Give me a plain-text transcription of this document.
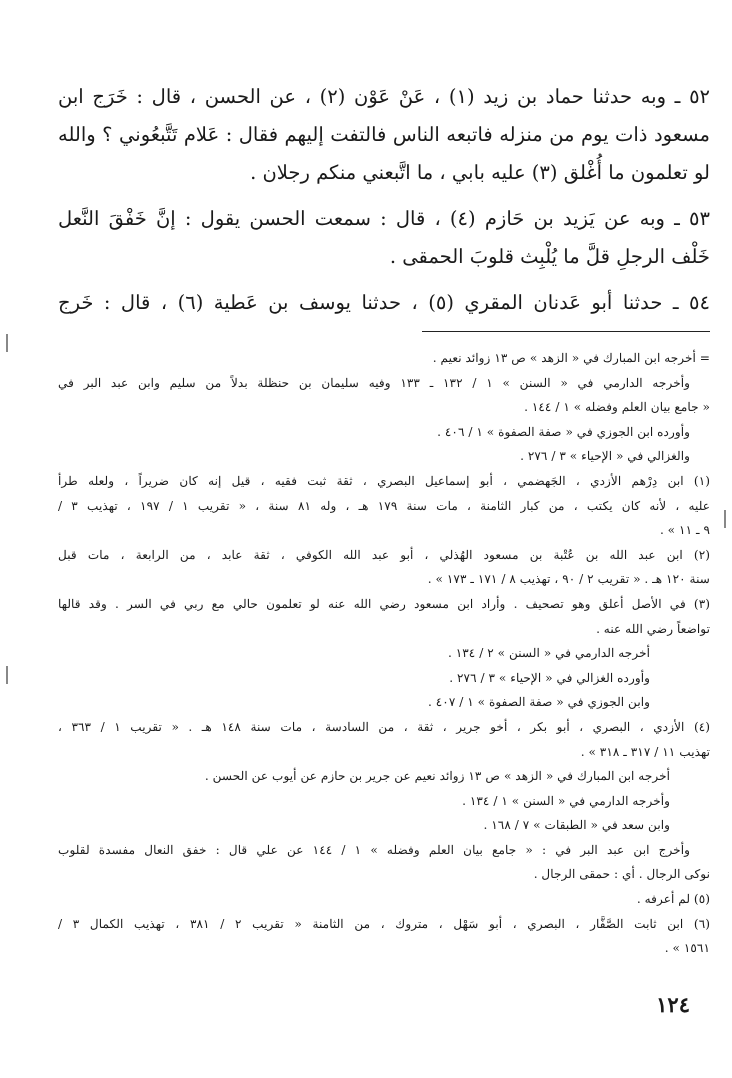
٥٢ ـ وبه حدثنا حماد بن زيد (١) ، عَنْ عَوْن (٢) ، عن الحسن ، قال : خَرَج ابن
مسعود ذات يوم من منزله فاتبعه الناس فالتفت إليهم فقال : عَلام تَتَّبعُوني ؟ والله
لو تعلمون ما أُغْلق (٣) عليه بابي ، ما اتَّبعني منكم رجلان .
٥٣ ـ وبه عن يَزيد بن حَازم (٤) ، قال : سمعت الحسن يقول : إنَّ خَفْقَ النَّعل
خَلْف الرجلِ قلَّ ما يُلْبِث قلوبَ الحمقى .
٥٤ ـ حدثنا أبو عَدنان المقري (٥) ، حدثنا يوسف بن عَطية (٦) ، قال : خَرج
= أخرجه ابن المبارك في « الزهد » ص ١٣ زوائد نعيم .
وأخرجه الدارمي في « السنن » ١ / ١٣٢ ـ ١٣٣ وفيه سليمان بن حنظلة بدلاً من سليم وابن عبد البر في
« جامع بيان العلم وفضله » ١ / ١٤٤ .
وأورده ابن الجوزي في « صفة الصفوة » ١ / ٤٠٦ .
والغزالي في « الإحياء » ٣ / ٢٧٦ .
(١) ابن دِرْهم الأزدي ، الجَهضمي ، أبو إسماعيل البصري ، ثقة ثبت فقيه ، قيل إنه كان ضريراً ، ولعله طرأ
عليه ، لأنه كان يكتب ، من كبار الثامنة ، مات سنة ١٧٩ هـ ، وله ٨١ سنة ، « تقريب ١ / ١٩٧ ، تهذيب ٣ /
٩ ـ ١١ » .
(٢) ابن عبد الله بن عُتْبة بن مسعود الهُذلي ، أبو عبد الله الكوفي ، ثقة عابد ، من الرابعة ، مات قبل
سنة ١٢٠ هـ . « تقريب ٢ / ٩٠ ، تهذيب ٨ / ١٧١ ـ ١٧٣ » .
(٣) في الأصل أعلق وهو تصحيف . وأراد ابن مسعود رضي الله عنه لو تعلمون حالي مع ربي في السر . وقد قالها
تواضعاً رضي الله عنه .
أخرجه الدارمي في « السنن » ٢ / ١٣٤ .
وأورده الغزالي في « الإحياء » ٣ / ٢٧٦ .
وابن الجوزي في « صفة الصفوة » ١ / ٤٠٧ .
(٤) الأزدي ، البصري ، أبو بكر ، أخو جرير ، ثقة ، من السادسة ، مات سنة ١٤٨ هـ . « تقريب ١ / ٣٦٣ ،
تهذيب ١١ / ٣١٧ ـ ٣١٨ » .
أخرجه ابن المبارك في « الزهد » ص ١٣ زوائد نعيم عن جرير بن حازم عن أيوب عن الحسن .
وأخرجه الدارمي في « السنن » ١ / ١٣٤ .
وابن سعد في « الطبقات » ٧ / ١٦٨ .
وأخرج ابن عبد البر في : « جامع بيان العلم وفضله » ١ / ١٤٤ عن علي قال : خفق النعال مفسدة لقلوب
نوكى الرجال . أي : حمقى الرجال .
(٥) لم أعرفه .
(٦) ابن ثابت الصَّفَّار ، البصري ، أبو سَهْل ، متروك ، من الثامنة « تقريب ٢ / ٣٨١ ، تهذيب الكمال ٣ /
١٥٦١ » .
١٢٤
